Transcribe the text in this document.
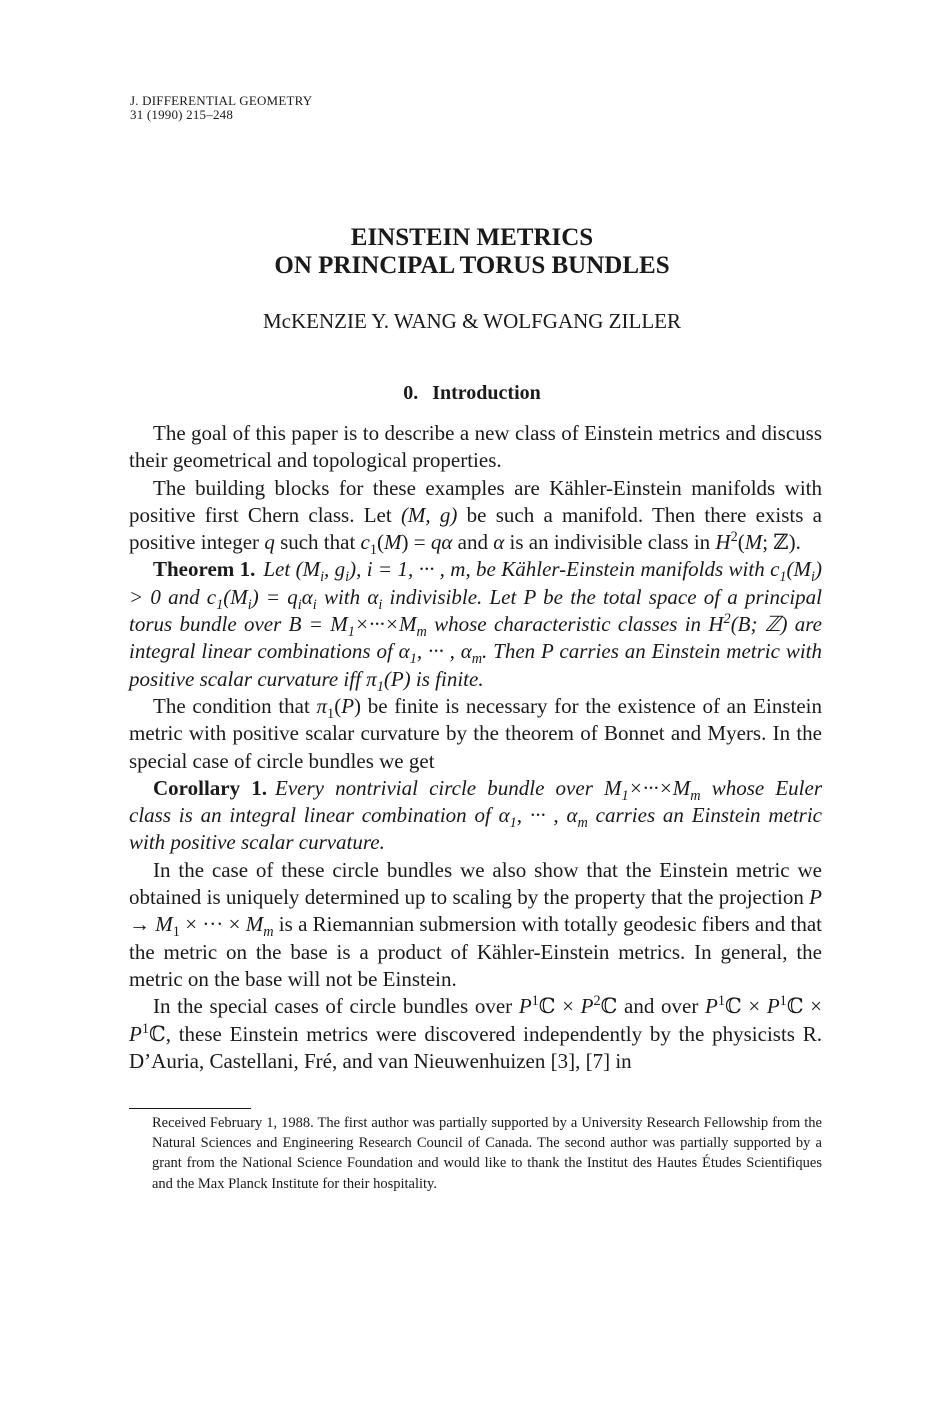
J. DIFFERENTIAL GEOMETRY
31 (1990) 215–248
EINSTEIN METRICS
ON PRINCIPAL TORUS BUNDLES
McKENZIE Y. WANG & WOLFGANG ZILLER
0. Introduction

The goal of this paper is to describe a new class of Einstein metrics and discuss their geometrical and topological properties.

The building blocks for these examples are Kähler-Einstein manifolds with positive first Chern class. Let (M, g) be such a manifold. Then there exists a positive integer q such that $c_1(M) = q\alpha$ and α is an indivisible class in $H^2(M$; ℤ).

Theorem 1. Let ($M_i$, $g_i$), i = 1, ··· , m, be Kähler-Einstein manifolds with $c_1(M_i) > 0$ and $c_1(M_i) = q_i\alpha_i$ with $\alpha_i$ indivisible. Let P be the total space of a principal torus bundle over $B = M_1\times\cdot\cdot\cdot\times M_m$ whose characteristic classes in $H^2(B$; ℤ) are integral linear combinations of $\alpha_1$, ··· , $\alpha_m$. Then P carries an Einstein metric with positive scalar curvature iff $\pi_1(P)$ is finite.

The condition that $\pi_1(P)$ be finite is necessary for the existence of an Einstein metric with positive scalar curvature by the theorem of Bonnet and Myers. In the special case of circle bundles we get

Corollary 1. Every nontrivial circle bundle over $M_1\times\cdot\cdot\cdot\times M_m$ whose Euler class is an integral linear combination of $\alpha_1$, ··· , $\alpha_m$ carries an Einstein metric with positive scalar curvature.

In the case of these circle bundles we also show that the Einstein metric we obtained is uniquely determined up to scaling by the property that the projection $P \to M_1$ × ··· × $M_m$ is a Riemannian submersion with totally geodesic fibers and that the metric on the base is a product of Kähler-Einstein metrics. In general, the metric on the base will not be Einstein.

In the special cases of circle bundles over $P^1ℂ$ × $P^2ℂ$ and over $P^1ℂ$ × $P^1ℂ$ × $P^1ℂ$, these Einstein metrics were discovered independently by the physicists R. D’Auria, Castellani, Fré, and van Nieuwenhuizen [3], [7] in

Received February 1, 1988. The first author was partially supported by a University Research Fellowship from the Natural Sciences and Engineering Research Council of Canada. The second author was partially supported by a grant from the National Science Foundation and would like to thank the Institut des Hautes Études Scientifiques and the Max Planck Institute for their hospitality.
